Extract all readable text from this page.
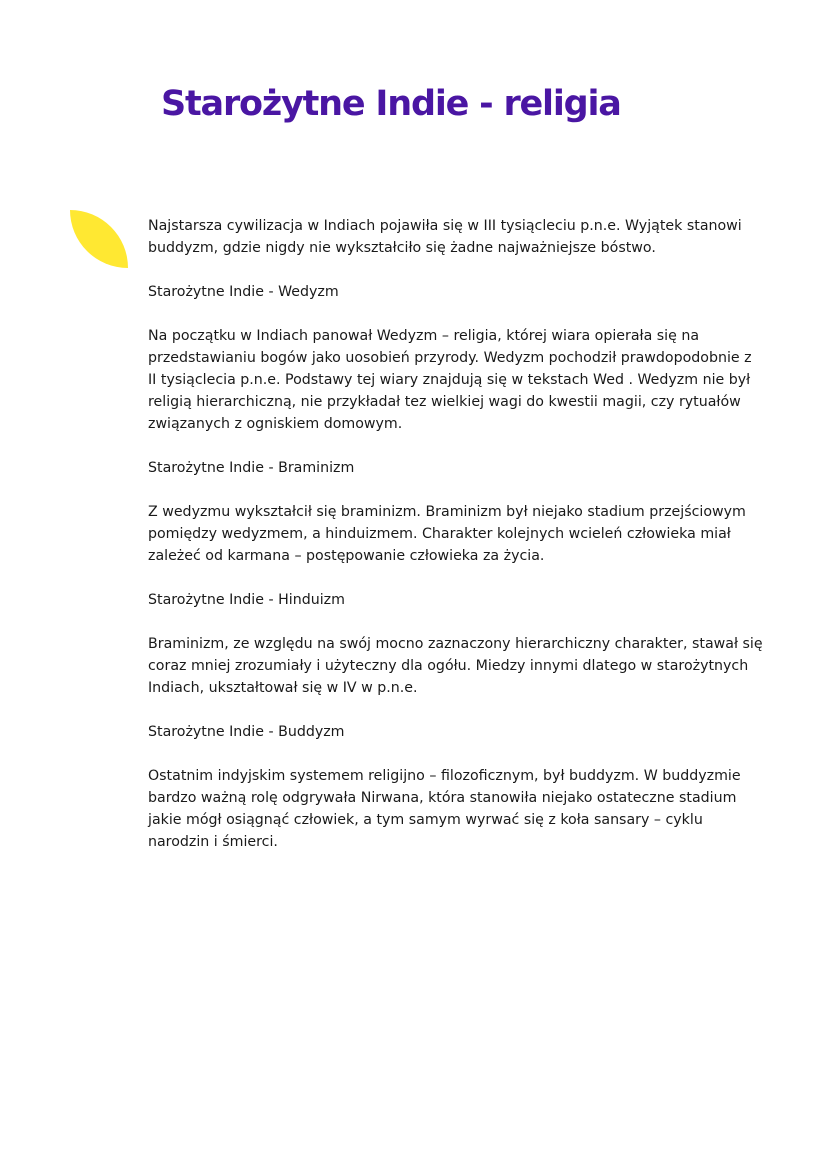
Starożytne Indie - religia

Najstarsza cywilizacja w Indiach pojawiła się w III tysiącleciu p.n.e. Wyjątek stanowi buddyzm, gdzie nigdy nie wykształciło się żadne najważniejsze bóstwo.

Starożytne Indie - Wedyzm

Na początku w Indiach panował Wedyzm – religia, której wiara opierała się na przedstawianiu bogów jako uosobień przyrody. Wedyzm pochodził prawdopodobnie z II tysiąclecia p.n.e. Podstawy tej wiary znajdują się w tekstach Wed . Wedyzm nie był religią hierarchiczną, nie przykładał tez wielkiej wagi do kwestii magii, czy rytuałów związanych z ogniskiem domowym.

Starożytne Indie - Braminizm

Z wedyzmu wykształcił się braminizm. Braminizm był niejako stadium przejściowym pomiędzy wedyzmem, a hinduizmem. Charakter kolejnych wcieleń człowieka miał zależeć od karmana – postępowanie człowieka za życia.

Starożytne Indie - Hinduizm

Braminizm, ze względu na swój mocno zaznaczony hierarchiczny charakter, stawał się coraz mniej zrozumiały i użyteczny dla ogółu. Miedzy innymi dlatego w starożytnych Indiach, ukształtował się w IV w p.n.e.

Starożytne Indie - Buddyzm

Ostatnim indyjskim systemem religijno – filozoficznym, był buddyzm. W buddyzmie bardzo ważną rolę odgrywała Nirwana, która stanowiła niejako ostateczne stadium jakie mógł osiągnąć człowiek, a tym samym wyrwać się z koła sansary – cyklu narodzin i śmierci.
